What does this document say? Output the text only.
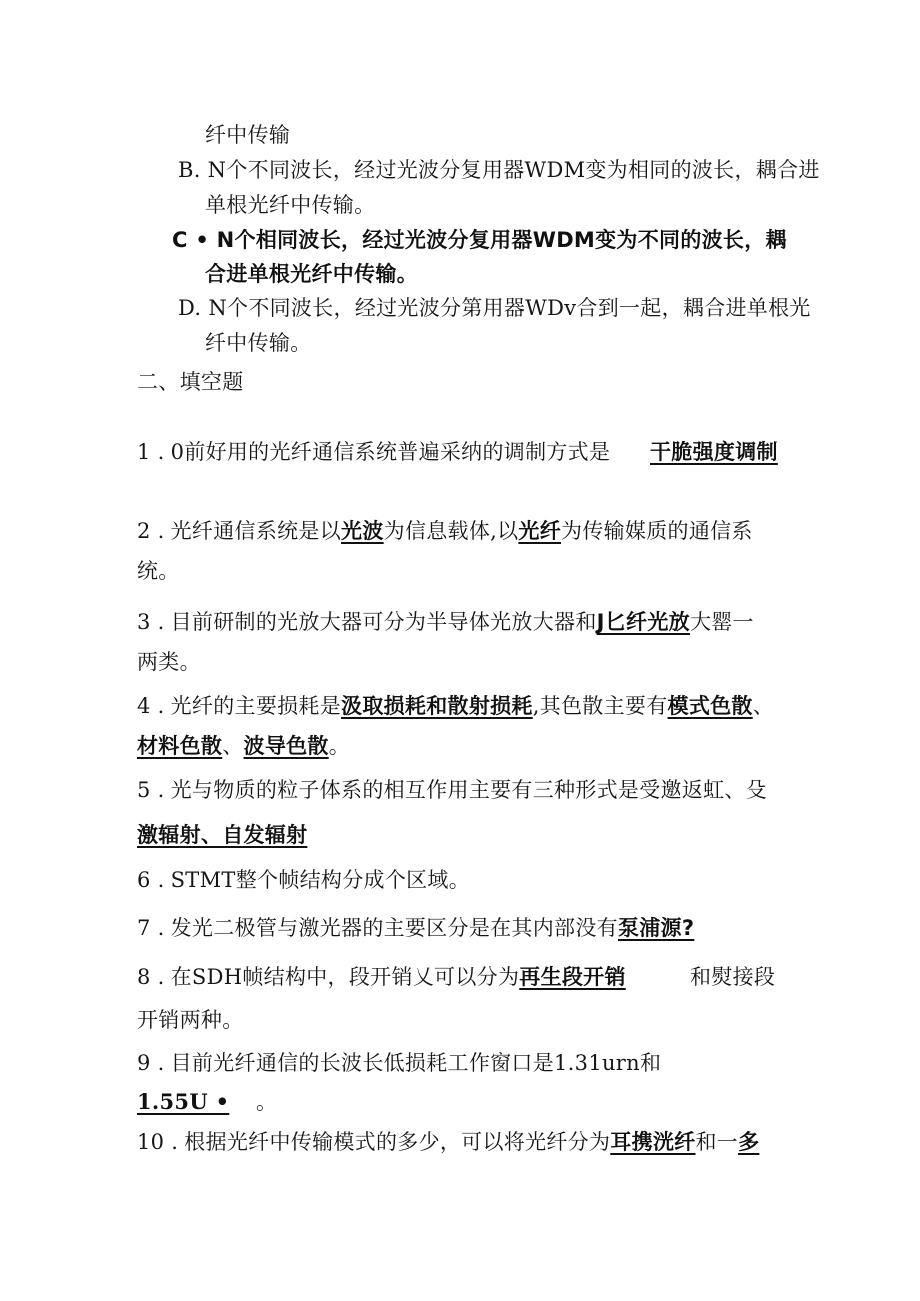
纤中传输
B. N个不同波长，经过光波分复用器WDM变为相同的波长，耦合进
单根光纤中传输。
C • N个相同波长，经过光波分复用器WDM变为不同的波长，耦
合进单根光纤中传输。
D. N个不同波长，经过光波分第用器WDv合到一起，耦合进单根光
纤中传输。
二、填空题
1 . 0前好用的光纤通信系统普遍采纳的调制方式是 干脆强度调制
2 . 光纤通信系统是以光波为信息载体,以光纤为传输媒质的通信系
统。
3 . 目前研制的光放大器可分为半导体光放大器和J匕纤光放大罂一
两类。
4 . 光纤的主要损耗是汲取损耗和散射损耗,其色散主要有模式色散、
材料色散、波导色散。
5 . 光与物质的粒子体系的相互作用主要有三种形式是受邀返虹、殳
激辐射、自发辐射
6 . STMT整个帧结构分成个区域。
7 . 发光二极管与激光器的主要区分是在其内部没有泵浦源?
8 . 在SDH帧结构中，段开销乂可以分为再生段开销	和熨接段
开销两种。
9 . 目前光纤通信的长波长低损耗工作窗口是1.31urn和
1.55U •	。
10 . 根据光纤中传输模式的多少，可以将光纤分为耳携洸纤和一多
